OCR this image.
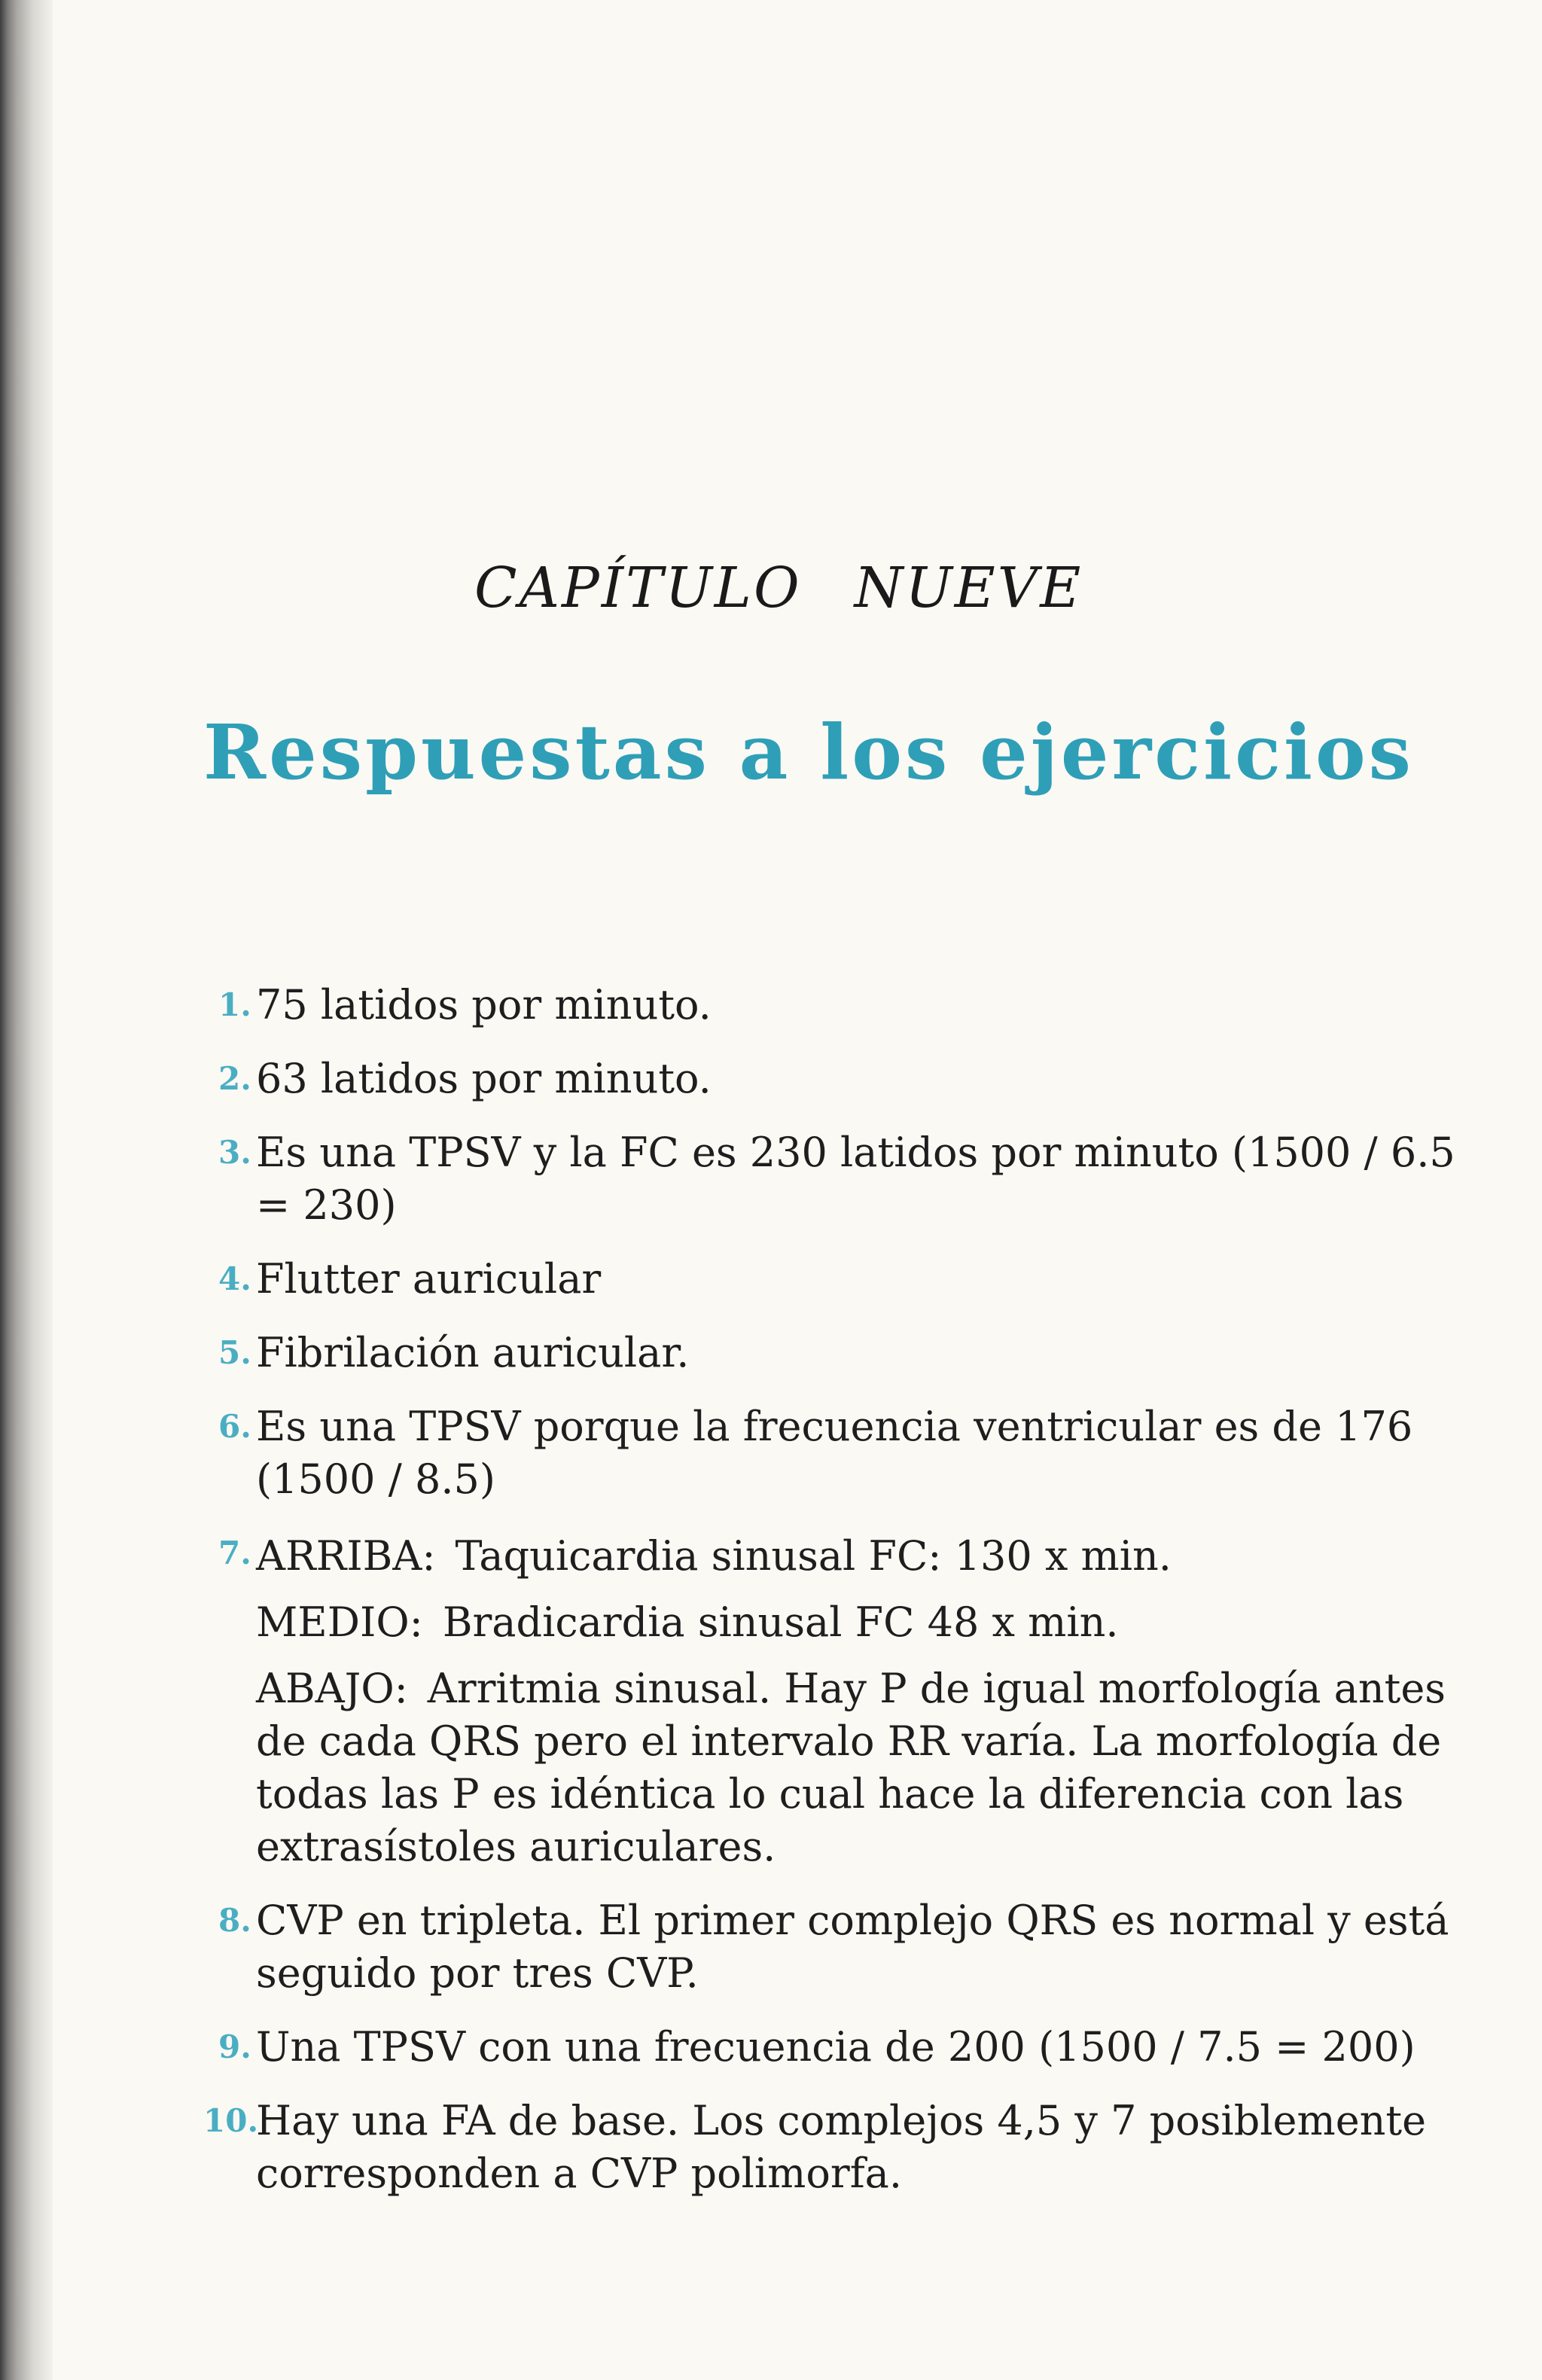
CAPÍTULO NUEVE
Respuestas a los ejercicios
1. 75 latidos por minuto.
2. 63 latidos por minuto.
3. Es una TPSV y la FC es 230 latidos por minuto (1500 / 6.5 = 230)
4. Flutter auricular
5. Fibrilación auricular.
6. Es una TPSV porque la frecuencia ventricular es de 176 (1500 / 8.5)
7. ARRIBA: Taquicardia sinusal FC: 130 x min.
MEDIO: Bradicardia sinusal FC 48 x min.
ABAJO: Arritmia sinusal. Hay P de igual morfología antes de cada QRS pero el intervalo RR varía. La morfología de todas las P es idéntica lo cual hace la diferencia con las extrasístoles auriculares.
8. CVP en tripleta. El primer complejo QRS es normal y está seguido por tres CVP.
9. Una TPSV con una frecuencia de 200 (1500 / 7.5 = 200)
10.
Hay una FA de base. Los complejos 4,5 y 7 posiblemente corresponden a CVP polimorfa.
